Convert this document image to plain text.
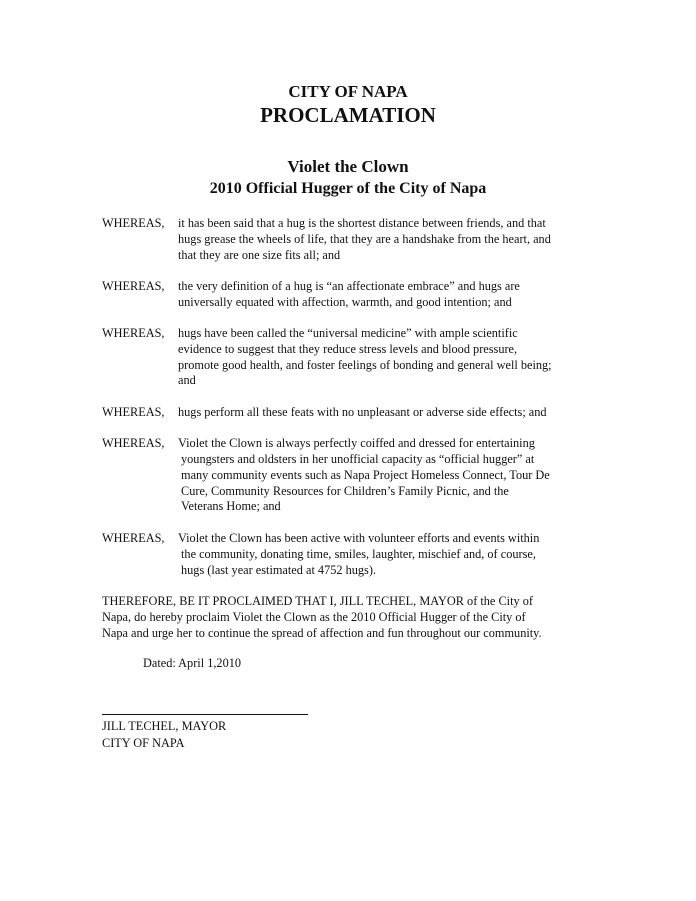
CITY OF NAPA
PROCLAMATION
Violet the Clown
2010 Official Hugger of the City of Napa
WHEREAS, it has been said that a hug is the shortest distance between friends, and that
hugs grease the wheels of life, that they are a handshake from the heart, and
that they are one size fits all; and
WHEREAS, the very definition of a hug is “an affectionate embrace” and hugs are
universally equated with affection, warmth, and good intention; and
WHEREAS, hugs have been called the “universal medicine” with ample scientific
evidence to suggest that they reduce stress levels and blood pressure,
promote good health, and foster feelings of bonding and general well being;
and
WHEREAS, hugs perform all these feats with no unpleasant or adverse side effects; and
WHEREAS, Violet the Clown is always perfectly coiffed and dressed for entertaining
youngsters and oldsters in her unofficial capacity as “official hugger” at
many community events such as Napa Project Homeless Connect, Tour De
Cure, Community Resources for Children’s Family Picnic, and the
Veterans Home; and
WHEREAS, Violet the Clown has been active with volunteer efforts and events within
the community, donating time, smiles, laughter, mischief and, of course,
hugs (last year estimated at 4752 hugs).
THEREFORE, BE IT PROCLAIMED THAT I, JILL TECHEL, MAYOR of the City of
Napa, do hereby proclaim Violet the Clown as the 2010 Official Hugger of the City of
Napa and urge her to continue the spread of affection and fun throughout our community.
Dated: April 1,2010
JILL TECHEL, MAYOR
CITY OF NAPA
